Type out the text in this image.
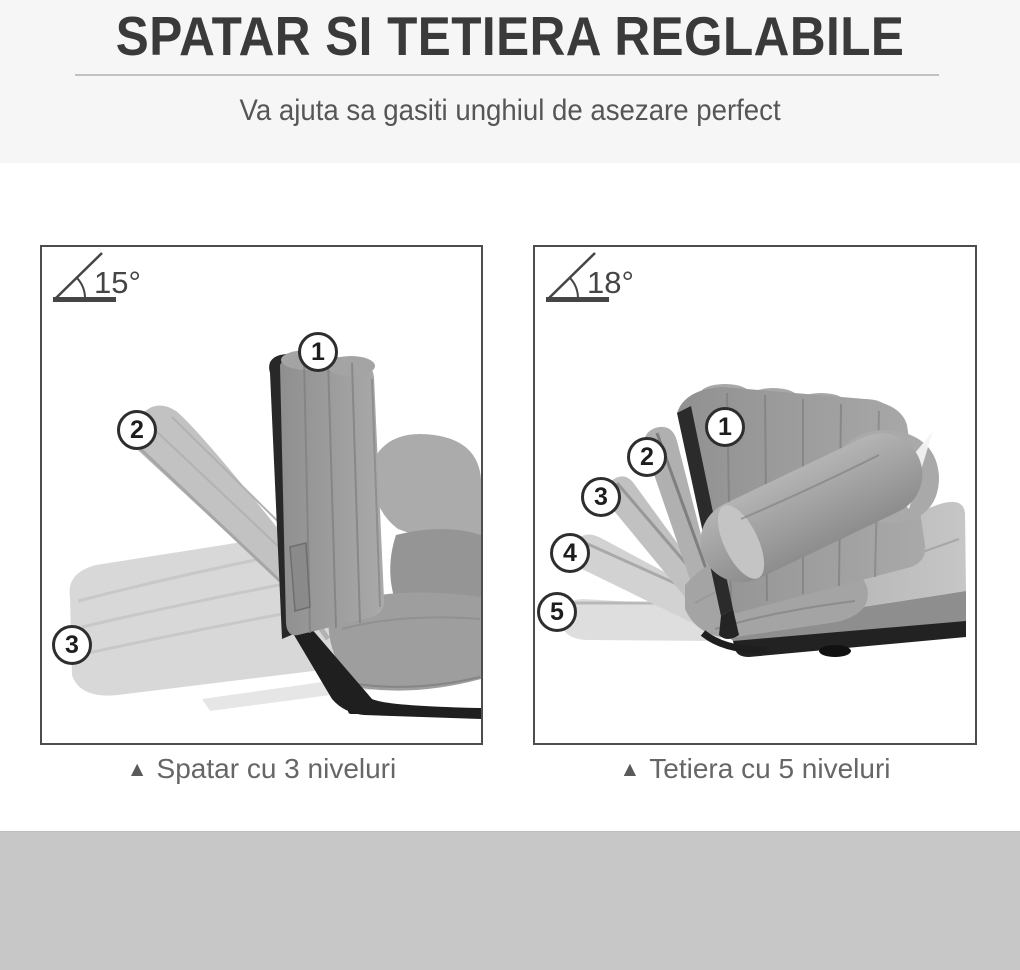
SPATAR SI TETIERA REGLABILE
Va ajuta sa gasiti unghiul de asezare perfect
15°
1
2
3
18°
1
2
3
4
5
▲ Spatar cu 3 niveluri	▲ Tetiera cu 5 niveluri
